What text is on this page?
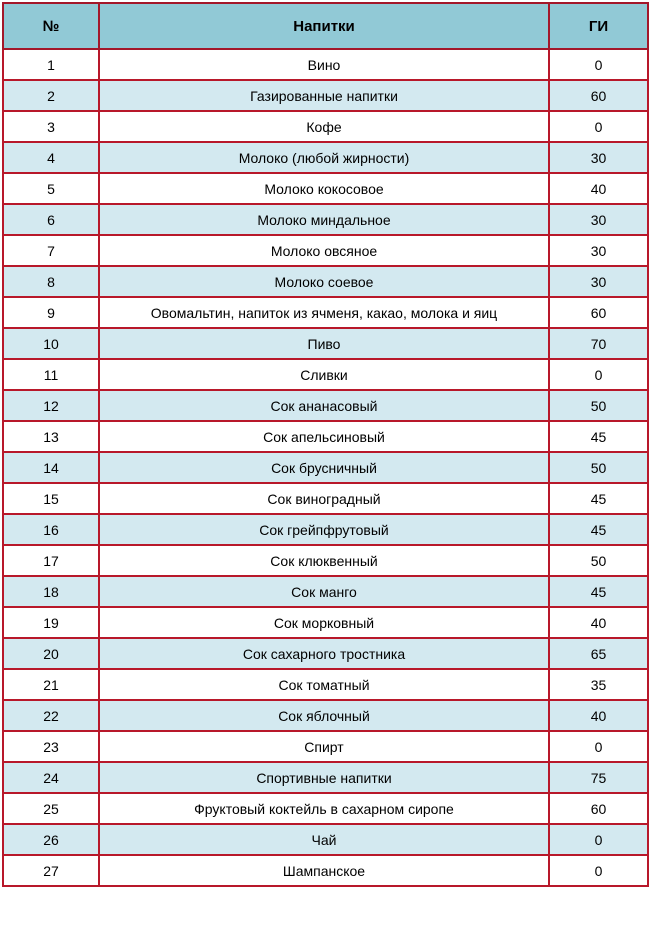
№	Напитки	ГИ
1	Вино	0
2	Газированные напитки	60
3	Кофе	0
4	Молоко (любой жирности)	30
5	Молоко кокосовое	40
6	Молоко миндальное	30
7	Молоко овсяное	30
8	Молоко соевое	30
9	Овомальтин, напиток из ячменя, какао, молока и яиц	60
10	Пиво	70
11	Сливки	0
12	Сок ананасовый	50
13	Сок апельсиновый	45
14	Сок брусничный	50
15	Сок виноградный	45
16	Сок грейпфрутовый	45
17	Сок клюквенный	50
18	Сок манго	45
19	Сок морковный	40
20	Сок сахарного тростника	65
21	Сок томатный	35
22	Сок яблочный	40
23	Спирт	0
24	Спортивные напитки	75
25	Фруктовый коктейль в сахарном сиропе	60
26	Чай	0
27	Шампанское	0
